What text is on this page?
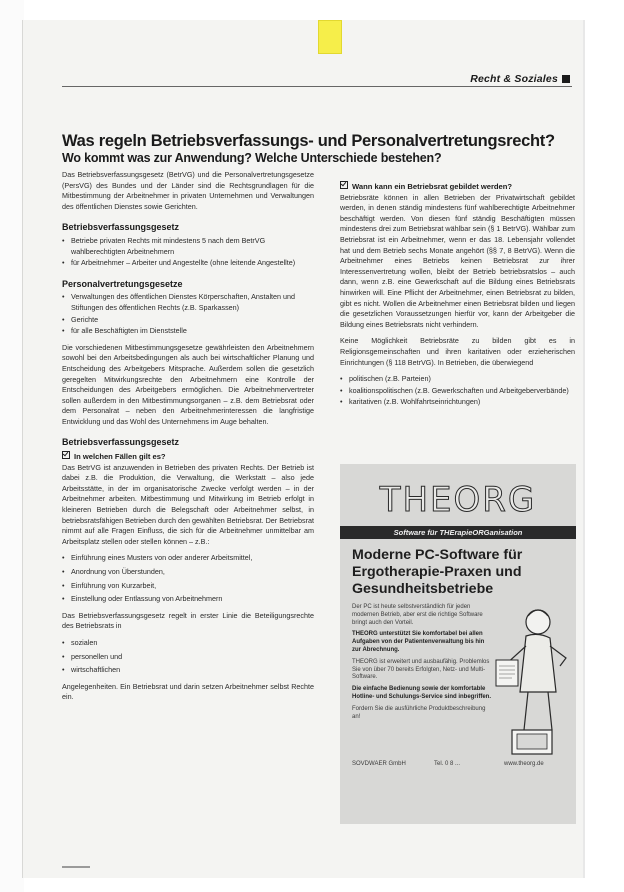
Recht & Soziales
Was regeln Betriebsverfassungs- und Personalvertretungsrecht?
Wo kommt was zur Anwendung? Welche Unterschiede bestehen?

Das Betriebsverfassungsgesetz (BetrVG) und die Personalvertretungsgesetze (PersVG) des Bundes und der Länder sind die Rechtsgrundlagen für die Mitbestimmung der Arbeitnehmer in privaten Unternehmen und Verwaltungen des öffentlichen Dienstes sowie Gerichten.

Betriebsverfassungsgesetz
• Betriebe privaten Rechts mit mindestens 5 nach dem BetrVG wahlberechtigten Arbeitnehmern
• für Arbeitnehmer – Arbeiter und Angestellte (ohne leitende Angestellte)
Personalvertretungsgesetze
• Verwaltungen des öffentlichen Dienstes Körperschaften, Anstalten und Stiftungen des öffentlichen Rechts (z.B. Sparkassen)
• Gerichte
• für alle Beschäftigten im Dienststelle

Die vorschiedenen Mitbestimmungsgesetze gewährleisten den Arbeitnehmern sowohl bei den Arbeitsbedingungen als auch bei wirtschaftlicher Planung und Entscheidung des Arbeitgebers Mitsprache. Außerdem sollen die gesetzlich geregelten Mitwirkungsrechte den Arbeitnehmern eine Kontrolle der Entscheidungen des Arbeitgebers ermöglichen. Die Arbeitnehmervertreter sollen außerdem in den Mitbestimmungsorganen – z.B. dem Betriebsrat oder dem Personalrat – neben den Arbeitnehmerinteressen die langfristige Entwicklung und das Wohl des Unternehmens im Auge behalten.

Betriebsverfassungsgesetz
In welchen Fällen gilt es?

Das BetrVG ist anzuwenden in Betrieben des privaten Rechts. Der Betrieb ist dabei z.B. die Produktion, die Verwaltung, die Werkstatt – also jede Arbeitsstätte, in der im organisatorische Zwecke verfolgt werden – in der Arbeitnehmer arbeiten. Mitbestimmung und Mitwirkung im Betrieb erfolgt in kleineren Betrieben durch die Belegschaft oder Arbeitnehmer selbst, in betriebsratsfähigen Betrieben durch den gewählten Betriebsrat. Der Betriebsrat nimmt auf alle Fragen Einfluss, die sich für die Arbeitnehmer unmittelbar am Arbeitsplatz stellen oder stellen können – z.B.:

• Einführung eines Musters von oder anderer Arbeitsmittel,
• Anordnung von Überstunden,
• Einführung von Kurzarbeit,
• Einstellung oder Entlassung von Arbeitnehmern

Das Betriebsverfassungsgesetz regelt in erster Linie die Beteiligungsrechte des Betriebsrats in

• sozialen
• personellen und
• wirtschaftlichen

Angelegenheiten. Ein Betriebsrat und darin setzen Arbeitnehmer selbst Rechte ein.

Wann kann ein Betriebsrat gebildet werden?

Betriebsräte können in allen Betrieben der Privatwirtschaft gebildet werden, in denen ständig mindestens fünf wahlberechtigte Arbeitnehmer beschäftigt werden. Von diesen fünf ständig Beschäftigten müssen mindestens drei zum Betriebsrat wählbar sein (§ 1 BetrVG). Wählbar zum Betriebsrat ist ein Arbeitnehmer, wenn er das 18. Lebensjahr vollendet hat und dem Betrieb sechs Monate angehört (§§ 7, 8 BetrVG). Wenn die Arbeitnehmer eines Betriebs keinen Betriebsrat zur ihrer Interessenvertretung wollen, bleibt der Betrieb betriebsratslos – auch dann, wenn z.B. eine Gewerkschaft auf die Bildung eines Betriebsrats hinwirken will. Eine Pflicht der Arbeitnehmer, einen Betriebsrat zu bilden, gibt es nicht. Wollen die Arbeitnehmer einen Betriebsrat bilden und liegen die gesetzlichen Voraussetzungen hierfür vor, kann der Arbeitgeber die Bildung eines Betriebsrats nicht verhindern.

Keine Möglichkeit Betriebsräte zu bilden gibt es in Religionsgemeinschaften und ihren karitativen oder erzieherischen Einrichtungen (§ 118 BetrVG). In Betrieben, die überwiegend

• politischen (z.B. Parteien)
• koalitionspolitischen (z.B. Gewerkschaften und Arbeitgeberverbände)
• karitativen (z.B. Wohlfahrtseinrichtungen)
THEORG
Software für THErapieORGanisation
Moderne PC-Software für Ergotherapie-Praxen und Gesundheitsbetriebe

Der PC ist heute selbstverständlich für jeden modernen Betrieb, aber erst die richtige Software bringt auch den Vorteil.

THEORG unterstützt Sie komfortabel bei allen Aufgaben von der Patientenverwaltung bis hin zur Abrechnung.

THEORG ist erweitert und ausbaufähig. Problemlos Sie von über 70 bereits Erfolgten, Netz- und Multi-Software.

Die einfache Bedienung sowie der komfortable Hotline- und Schulungs-Service sind inbegriffen.

Fordern Sie die ausführliche Produktbeschreibung an!

SOVDWAER GmbH	Tel. 0 8 ...	www.theorg.de
